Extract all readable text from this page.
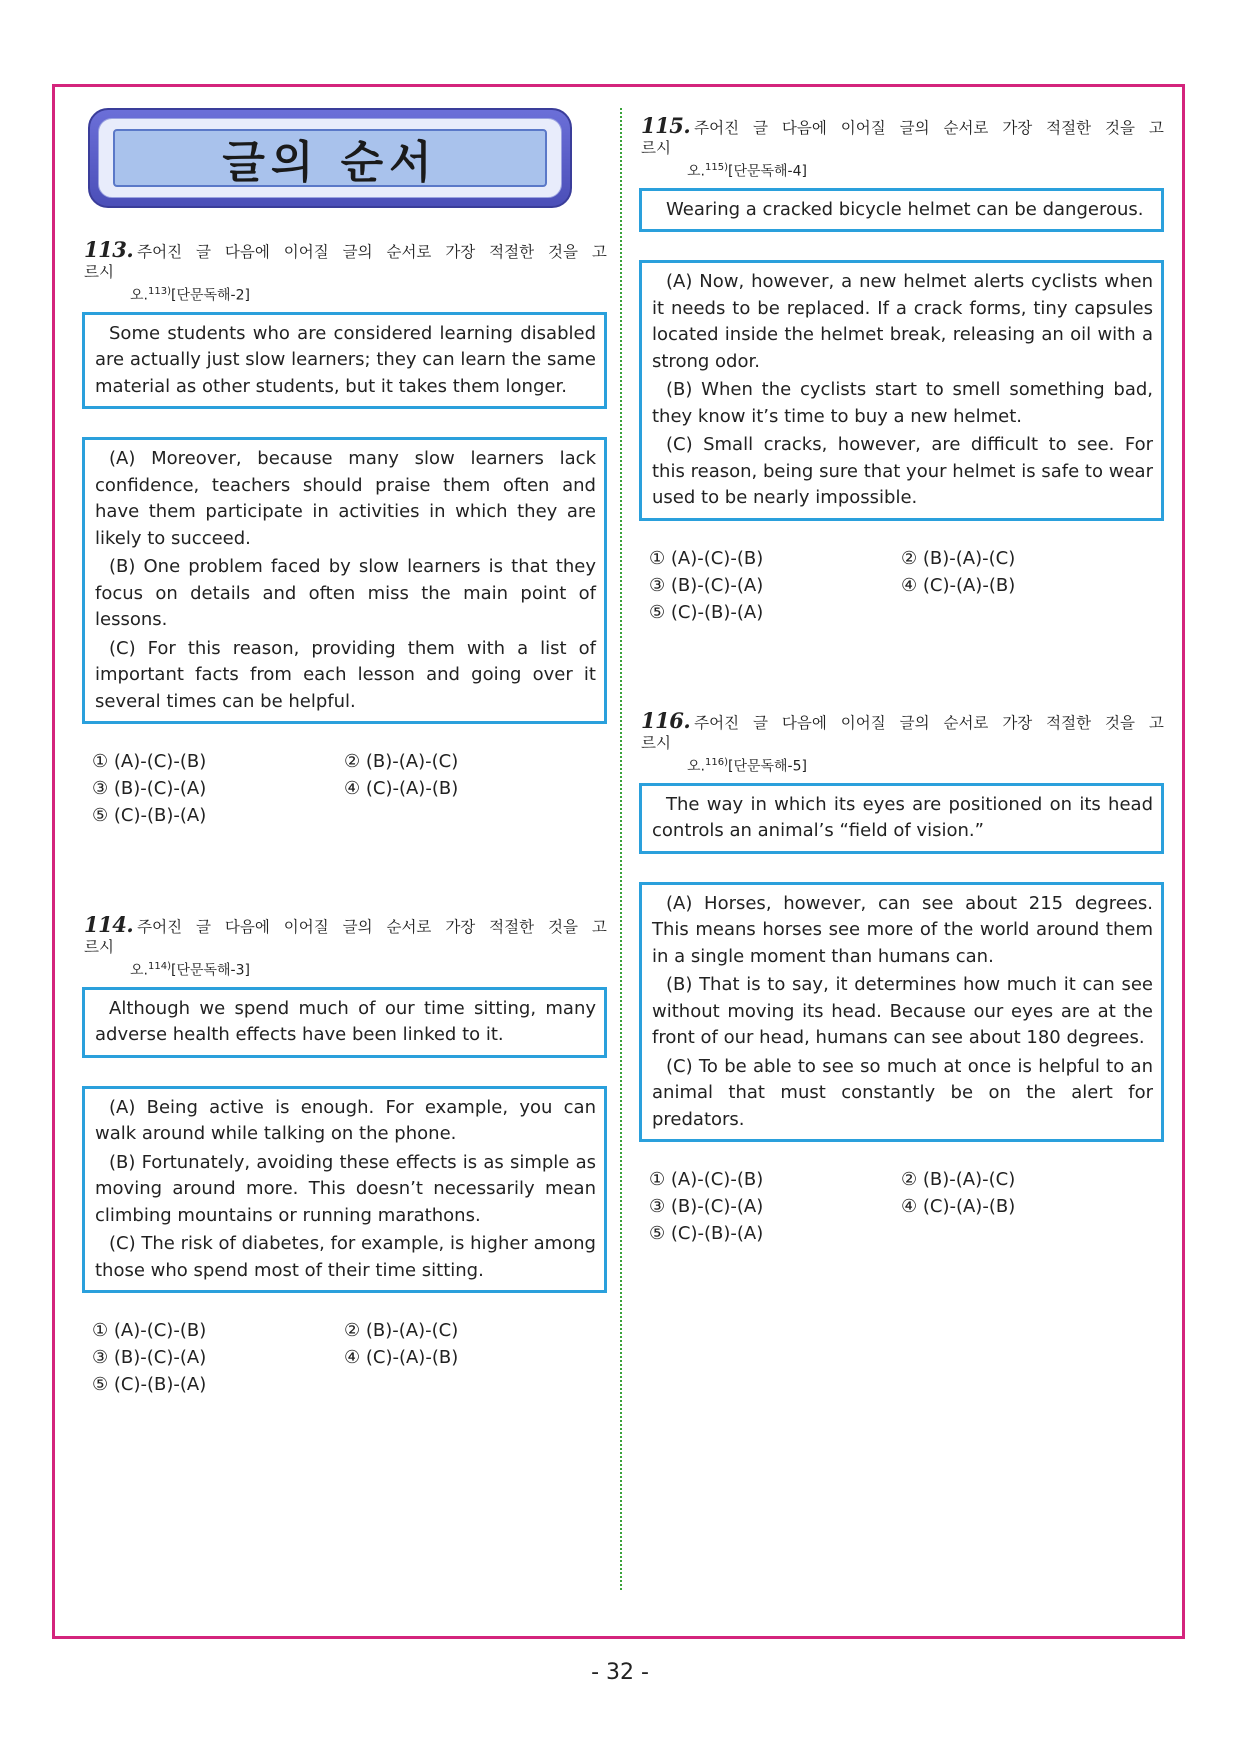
글의 순서
113. 주어진 글 다음에 이어질 글의 순서로 가장 적절한 것을 고르시
오.$^{113)}$[단문독해-2]

Some students who are considered learning disabled are actually just slow learners; they can learn the same material as other students, but it takes them longer.

(A) Moreover, because many slow learners lack confidence, teachers should praise them often and have them participate in activities in which they are likely to succeed.

(B) One problem faced by slow learners is that they focus on details and often miss the main point of lessons.

(C) For this reason, providing them with a list of important facts from each lesson and going over it several times can be helpful.

① (A)-(C)-(B)	② (B)-(A)-(C)
③ (B)-(C)-(A)	④ (C)-(A)-(B)
⑤ (C)-(B)-(A)
114. 주어진 글 다음에 이어질 글의 순서로 가장 적절한 것을 고르시
오.$^{114)}$[단문독해-3]

Although we spend much of our time sitting, many adverse health effects have been linked to it.

(A) Being active is enough. For example, you can walk around while talking on the phone.

(B) Fortunately, avoiding these effects is as simple as moving around more. This doesn’t necessarily mean climbing mountains or running marathons.

(C) The risk of diabetes, for example, is higher among those who spend most of their time sitting.

① (A)-(C)-(B)	② (B)-(A)-(C)
③ (B)-(C)-(A)	④ (C)-(A)-(B)
⑤ (C)-(B)-(A)
115. 주어진 글 다음에 이어질 글의 순서로 가장 적절한 것을 고르시
오.$^{115)}$[단문독해-4]

Wearing a cracked bicycle helmet can be dangerous.

(A) Now, however, a new helmet alerts cyclists when it needs to be replaced. If a crack forms, tiny capsules located inside the helmet break, releasing an oil with a strong odor.

(B) When the cyclists start to smell something bad, they know it’s time to buy a new helmet.

(C) Small cracks, however, are difficult to see. For this reason, being sure that your helmet is safe to wear used to be nearly impossible.

① (A)-(C)-(B)	② (B)-(A)-(C)
③ (B)-(C)-(A)	④ (C)-(A)-(B)
⑤ (C)-(B)-(A)
116. 주어진 글 다음에 이어질 글의 순서로 가장 적절한 것을 고르시
오.$^{116)}$[단문독해-5]

The way in which its eyes are positioned on its head controls an animal’s “field of vision.”

(A) Horses, however, can see about 215 degrees. This means horses see more of the world around them in a single moment than humans can.

(B) That is to say, it determines how much it can see without moving its head. Because our eyes are at the front of our head, humans can see about 180 degrees.

(C) To be able to see so much at once is helpful to an animal that must constantly be on the alert for predators.

① (A)-(C)-(B)	② (B)-(A)-(C)
③ (B)-(C)-(A)	④ (C)-(A)-(B)
⑤ (C)-(B)-(A)
- 32 -
